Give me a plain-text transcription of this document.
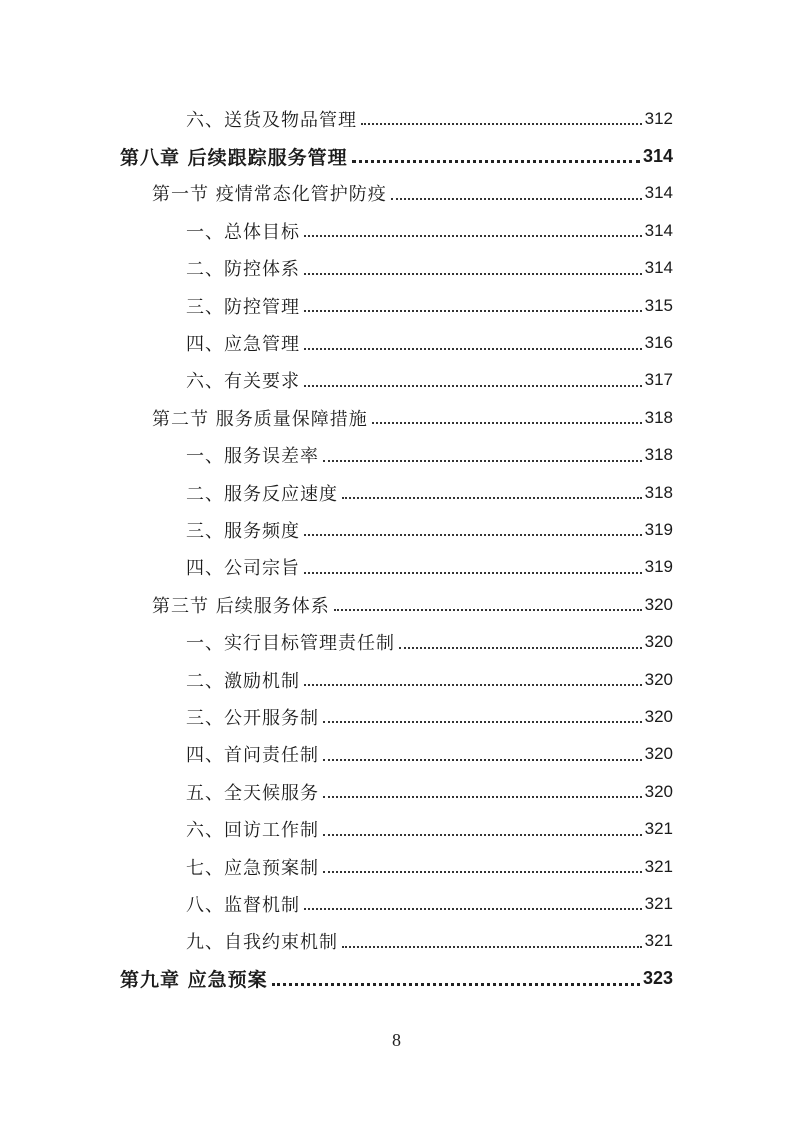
六、送货及物品管理	312
第八章 后续跟踪服务管理	314
第一节 疫情常态化管护防疫	314
一、总体目标	314
二、防控体系	314
三、防控管理	315
四、应急管理	316
六、有关要求	317
第二节 服务质量保障措施	318
一、服务误差率	318
二、服务反应速度	318
三、服务频度	319
四、公司宗旨	319
第三节 后续服务体系	320
一、实行目标管理责任制	320
二、激励机制	320
三、公开服务制	320
四、首问责任制	320
五、全天候服务	320
六、回访工作制	321
七、应急预案制	321
八、监督机制	321
九、自我约束机制	321
第九章 应急预案	323
8
